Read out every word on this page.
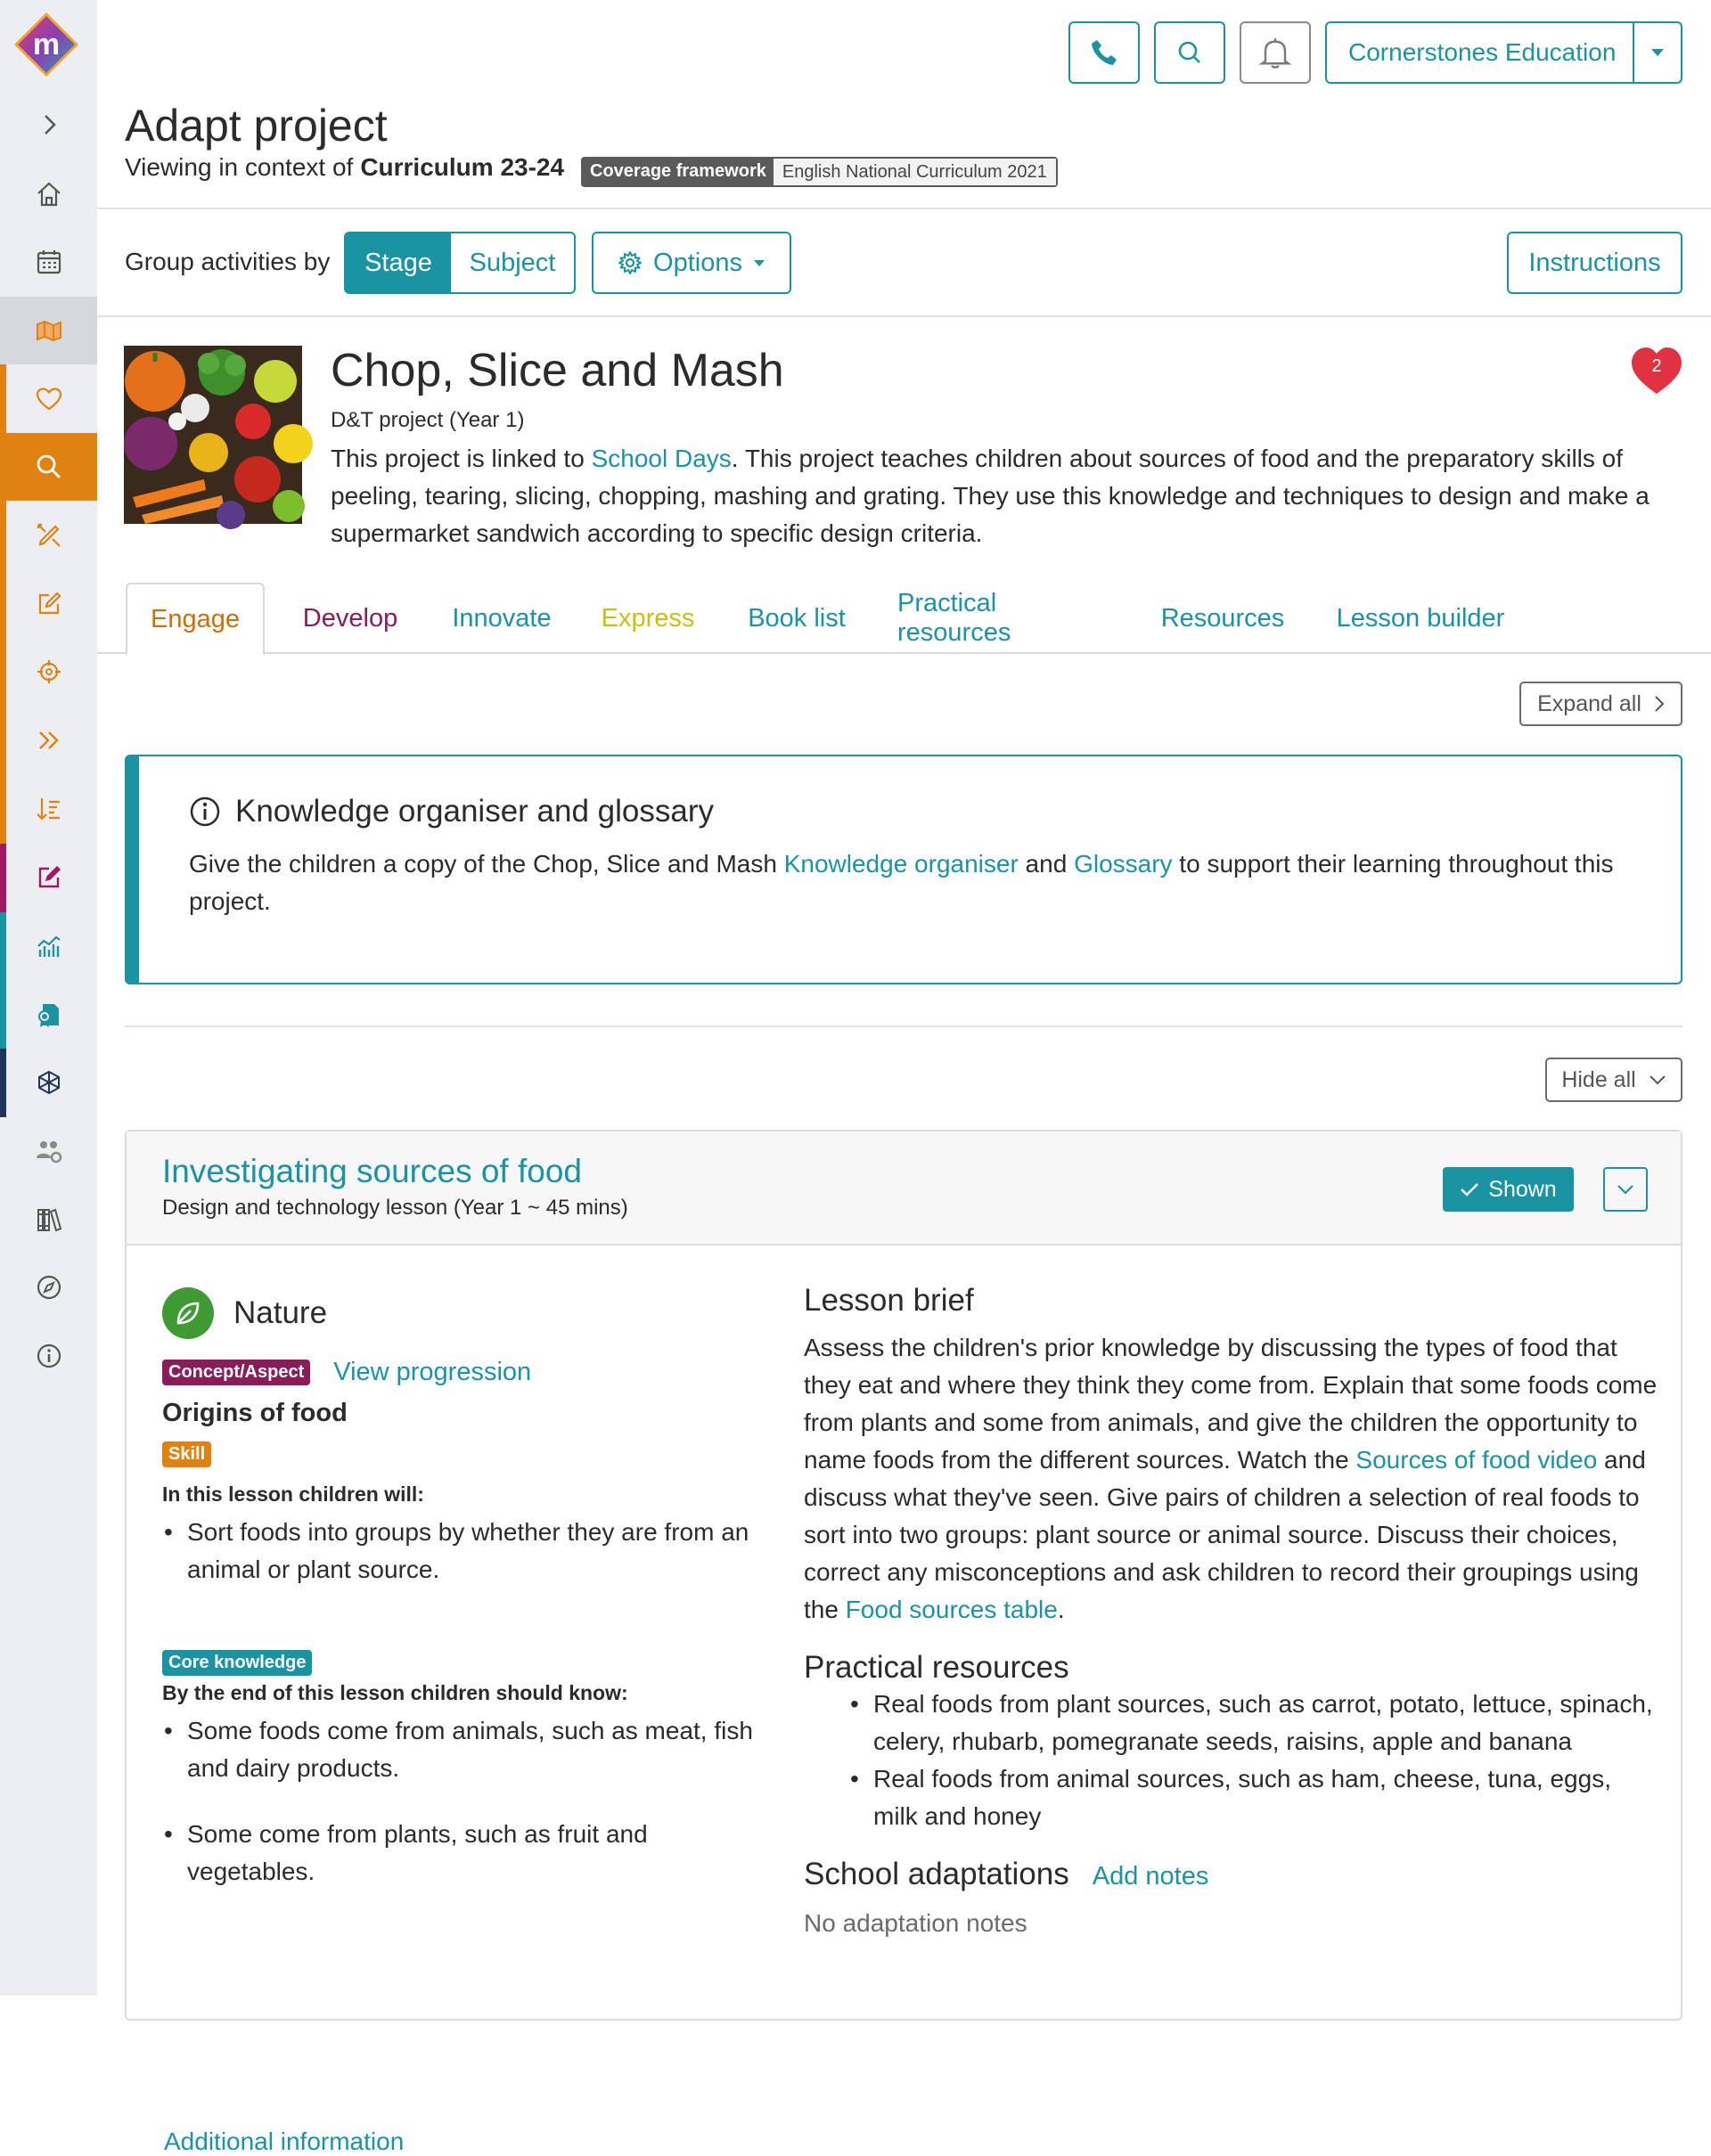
m	Cornerstones Education
Adapt project
Viewing in context of Curriculum 23-24	Coverage framework English National Curriculum 2021
Group activities by	Stage	Subject	Options	Instructions
Chop, Slice and Mash
D&T project (Year 1)

This project is linked to School Days. This project teaches children about sources of food and the preparatory skills of peeling, tearing, slicing, chopping, mashing and grating. They use this knowledge and techniques to design and make a supermarket sandwich according to specific design criteria.

2
Engage Develop Innovate Express Book list
Practical resources
Resources Lesson builder
Expand all
Knowledge organiser and glossary

Give the children a copy of the Chop, Slice and Mash Knowledge organiser and Glossary to support their learning throughout this project.

Hide all
Investigating sources of food
Design and technology lesson (Year 1 ~ 45 mins)
Shown
Nature
Concept/Aspect View progression
Origins of food
Skill
In this lesson children will:
• Sort foods into groups by whether they are from an animal or plant source.
Core knowledge
By the end of this lesson children should know:
• Some foods come from animals, such as meat, fish and dairy products.
• Some come from plants, such as fruit and vegetables.
Additional information
Lesson brief

Assess the children's prior knowledge by discussing the types of food that they eat and where they think they come from. Explain that some foods come from plants and some from animals, and give the children the opportunity to name foods from the different sources. Watch the Sources of food video and discuss what they've seen. Give pairs of children a selection of real foods to sort into two groups: plant source or animal source. Discuss their choices, correct any misconceptions and ask children to record their groupings using the Food sources table.

Practical resources
• Real foods from plant sources, such as carrot, potato, lettuce, spinach, celery, rhubarb, pomegranate seeds, raisins, apple and banana
• Real foods from animal sources, such as ham, cheese, tuna, eggs, milk and honey
School adaptations Add notes
No adaptation notes
